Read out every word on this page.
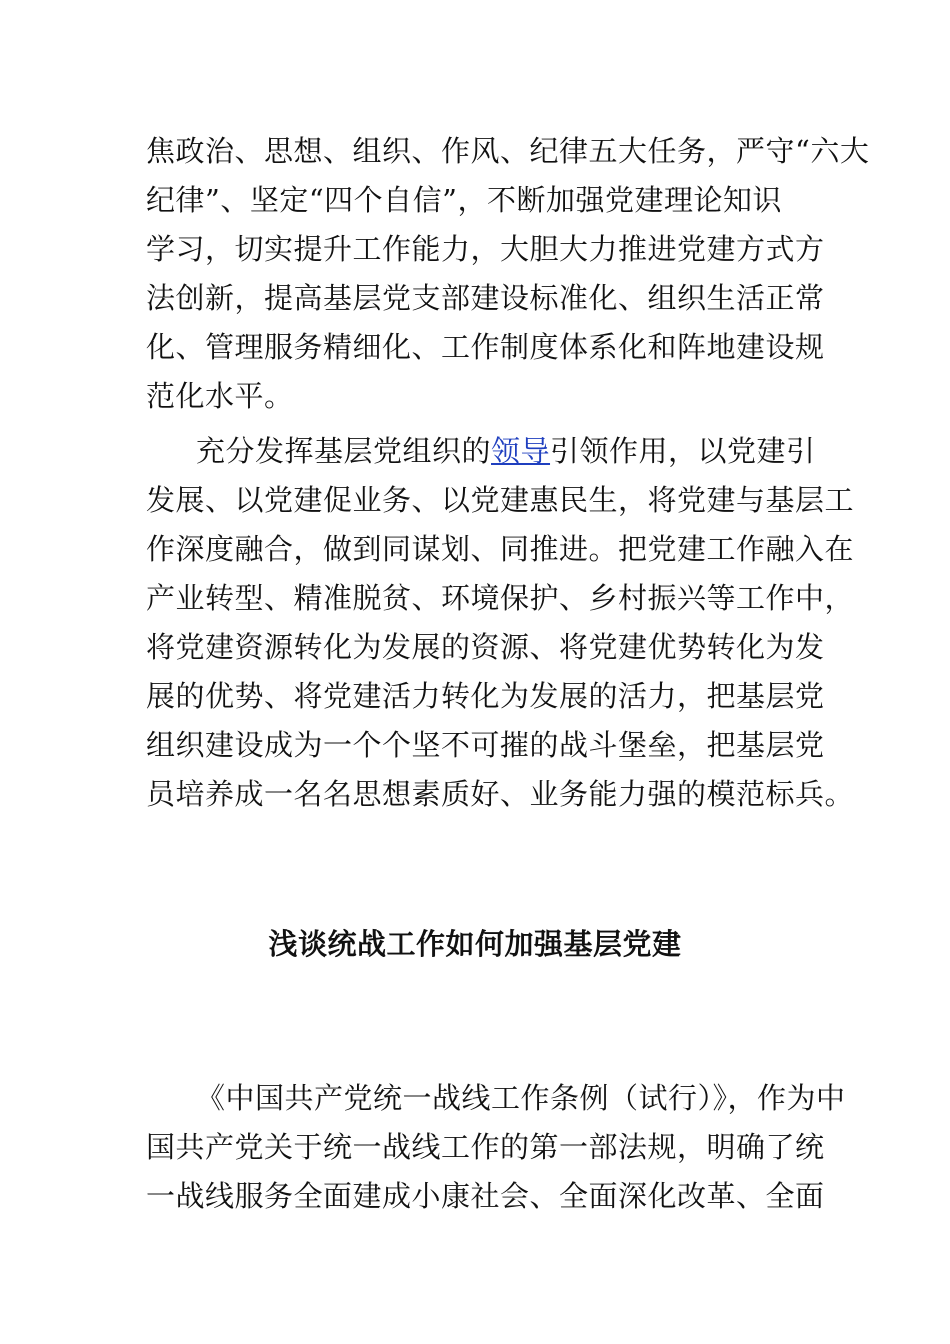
焦政治、思想、组织、作风、纪律五大任务，严守“六大
纪律”、坚定“四个自信”，不断加强党建理论知识
学习，切实提升工作能力，大胆大力推进党建方式方
法创新，提高基层党支部建设标准化、组织生活正常
化、管理服务精细化、工作制度体系化和阵地建设规
范化水平。
充分发挥基层党组织的领导引领作用，以党建引
发展、以党建促业务、以党建惠民生，将党建与基层工
作深度融合，做到同谋划、同推进。把党建工作融入在
产业转型、精准脱贫、环境保护、乡村振兴等工作中，
将党建资源转化为发展的资源、将党建优势转化为发
展的优势、将党建活力转化为发展的活力，把基层党
组织建设成为一个个坚不可摧的战斗堡垒，把基层党
员培养成一名名思想素质好、业务能力强的模范标兵。
浅谈统战工作如何加强基层党建
《中国共产党统一战线工作条例（试行）》，作为中
国共产党关于统一战线工作的第一部法规，明确了统
一战线服务全面建成小康社会、全面深化改革、全面
